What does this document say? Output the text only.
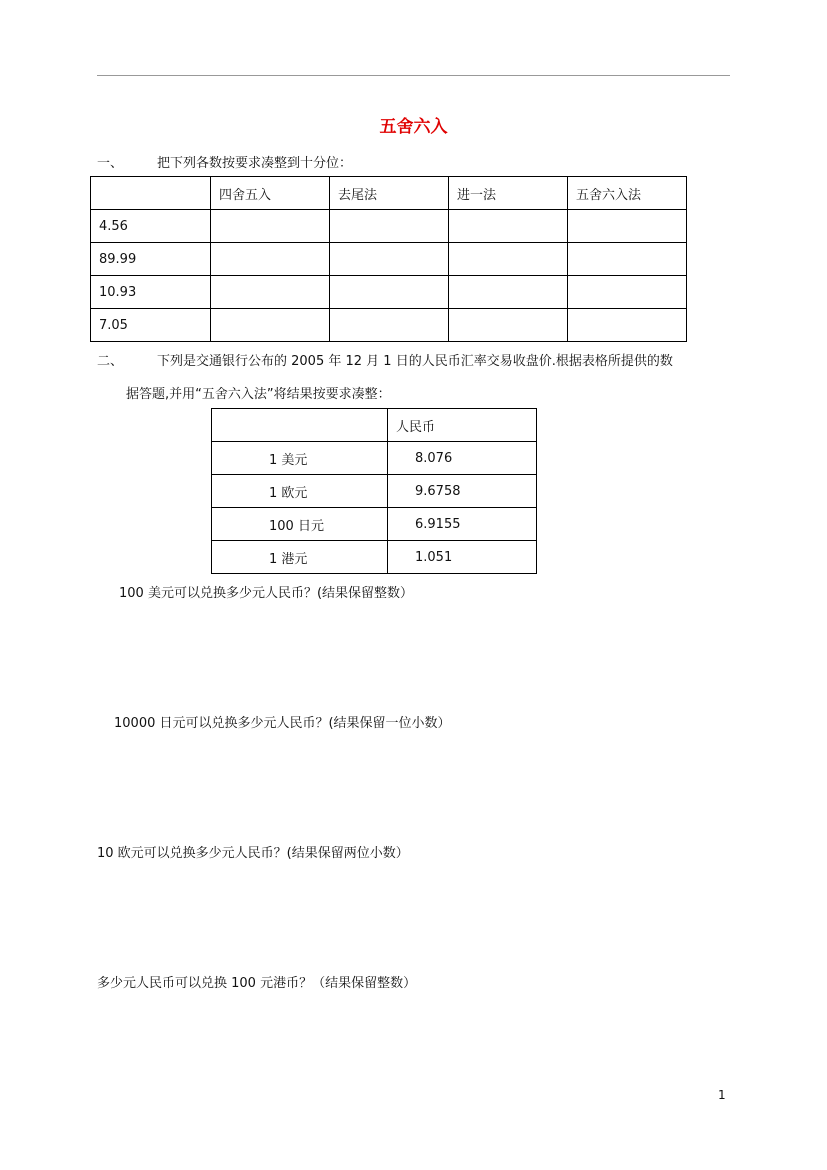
五舍六入
一、	把下列各数按要求凑整到十分位：
	四舍五入	去尾法	进一法	五舍六入法
4.56				
89.99				
10.93				
7.05				
二、	下列是交通银行公布的 2005 年 12 月 1 日的人民币汇率交易收盘价.根据表格所提供的数
据答题,并用“五舍六入法”将结果按要求凑整：
	人民币
1 美元	8.076
1 欧元	9.6758
100 日元	6.9155
1 港元	1.051
100 美元可以兑换多少元人民币？(结果保留整数）
10000 日元可以兑换多少元人民币？(结果保留一位小数）
10 欧元可以兑换多少元人民币？(结果保留两位小数）
多少元人民币可以兑换 100 元港币？（结果保留整数）
1
